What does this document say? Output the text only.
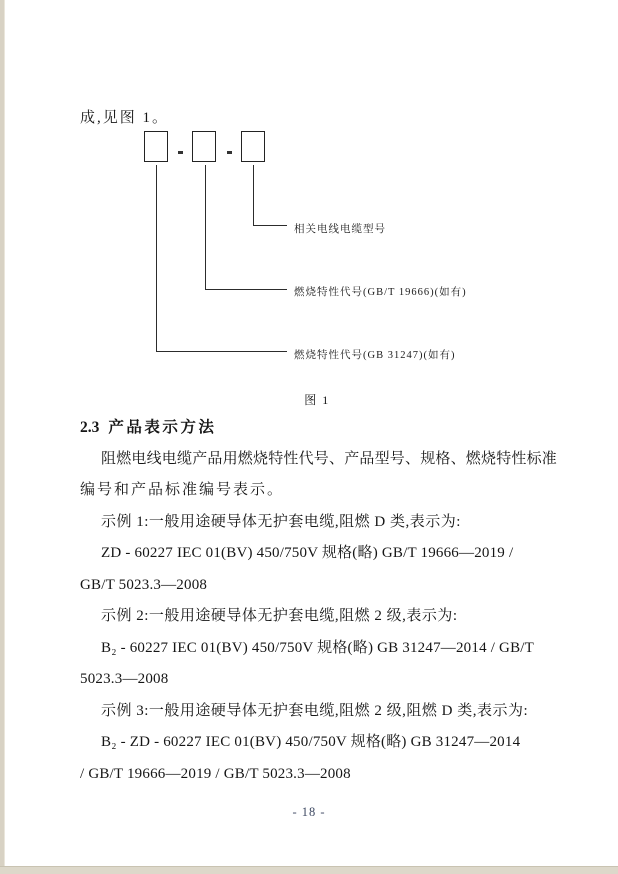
成,见图 1。
相关电线电缆型号
燃烧特性代号(GB/T 19666)(如有)
燃烧特性代号(GB 31247)(如有)
图 1
2.3 产品表示方法
阻燃电线电缆产品用燃烧特性代号、产品型号、规格、燃烧特性标准
编号和产品标准编号表示。
示例 1:一般用途硬导体无护套电缆,阻燃 D 类,表示为:
ZD - 60227 IEC 01(BV) 450/750V 规格(略) GB/T 19666—2019 /
GB/T 5023.3—2008
示例 2:一般用途硬导体无护套电缆,阻燃 2 级,表示为:
B₂ - 60227 IEC 01(BV) 450/750V 规格(略) GB 31247—2014 / GB/T
5023.3—2008
示例 3:一般用途硬导体无护套电缆,阻燃 2 级,阻燃 D 类,表示为:
B₂ - ZD - 60227 IEC 01(BV) 450/750V 规格(略) GB 31247—2014
/ GB/T 19666—2019 / GB/T 5023.3—2008
- 18 -
